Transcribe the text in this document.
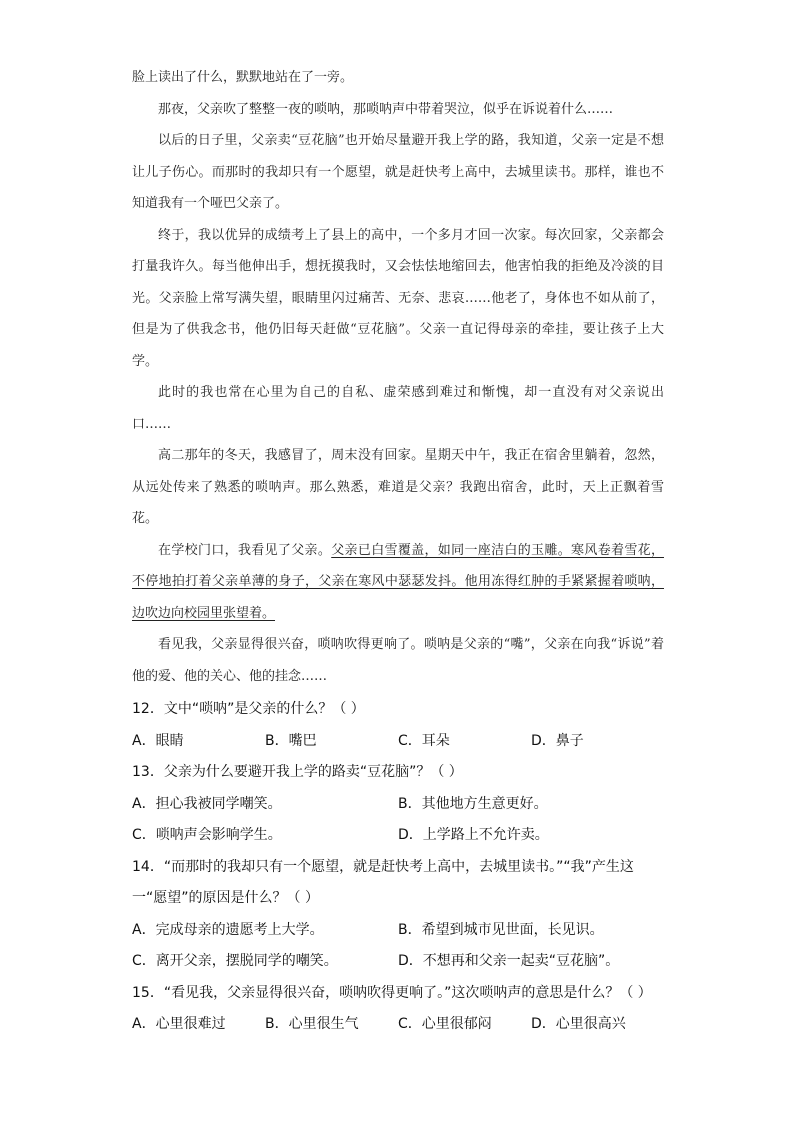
脸上读出了什么，默默地站在了一旁。

那夜，父亲吹了整整一夜的唢呐，那唢呐声中带着哭泣，似乎在诉说着什么……

以后的日子里，父亲卖“豆花脑”也开始尽量避开我上学的路，我知道，父亲一定是不想让儿子伤心。而那时的我却只有一个愿望，就是赶快考上高中，去城里读书。那样，谁也不知道我有一个哑巴父亲了。

终于，我以优异的成绩考上了县上的高中，一个多月才回一次家。每次回家，父亲都会打量我许久。每当他伸出手，想抚摸我时，又会怯怯地缩回去，他害怕我的拒绝及冷淡的目光。父亲脸上常写满失望，眼睛里闪过痛苦、无奈、悲哀……他老了，身体也不如从前了，但是为了供我念书，他仍旧每天赶做“豆花脑”。父亲一直记得母亲的牵挂，要让孩子上大学。

此时的我也常在心里为自己的自私、虚荣感到难过和惭愧，却一直没有对父亲说出口……

高二那年的冬天，我感冒了，周末没有回家。星期天中午，我正在宿舍里躺着，忽然，从远处传来了熟悉的唢呐声。那么熟悉，难道是父亲？我跑出宿舍，此时，天上正飘着雪花。

在学校门口，我看见了父亲。父亲已白雪覆盖，如同一座洁白的玉雕。寒风卷着雪花，不停地拍打着父亲单薄的身子，父亲在寒风中瑟瑟发抖。他用冻得红肿的手紧紧握着唢呐，边吹边向校园里张望着。

看见我，父亲显得很兴奋，唢呐吹得更响了。唢呐是父亲的“嘴”，父亲在向我“诉说”着他的爱、他的关心、他的挂念……

12．文中“唢呐”是父亲的什么？（ ）
A．眼睛	B．嘴巴	C．耳朵	D．鼻子
13．父亲为什么要避开我上学的路卖“豆花脑”？（ ）
A．担心我被同学嘲笑。	B．其他地方生意更好。
C．唢呐声会影响学生。	D．上学路上不允许卖。
14．“而那时的我却只有一个愿望，就是赶快考上高中，去城里读书。”“我”产生这一“愿望”的原因是什么？（ ）
A．完成母亲的遗愿考上大学。	B．希望到城市见世面，长见识。
C．离开父亲，摆脱同学的嘲笑。	D．不想再和父亲一起卖“豆花脑”。
15．“看见我，父亲显得很兴奋，唢呐吹得更响了。”这次唢呐声的意思是什么？（ ）
A．心里很难过	B．心里很生气	C．心里很郁闷	D．心里很高兴
